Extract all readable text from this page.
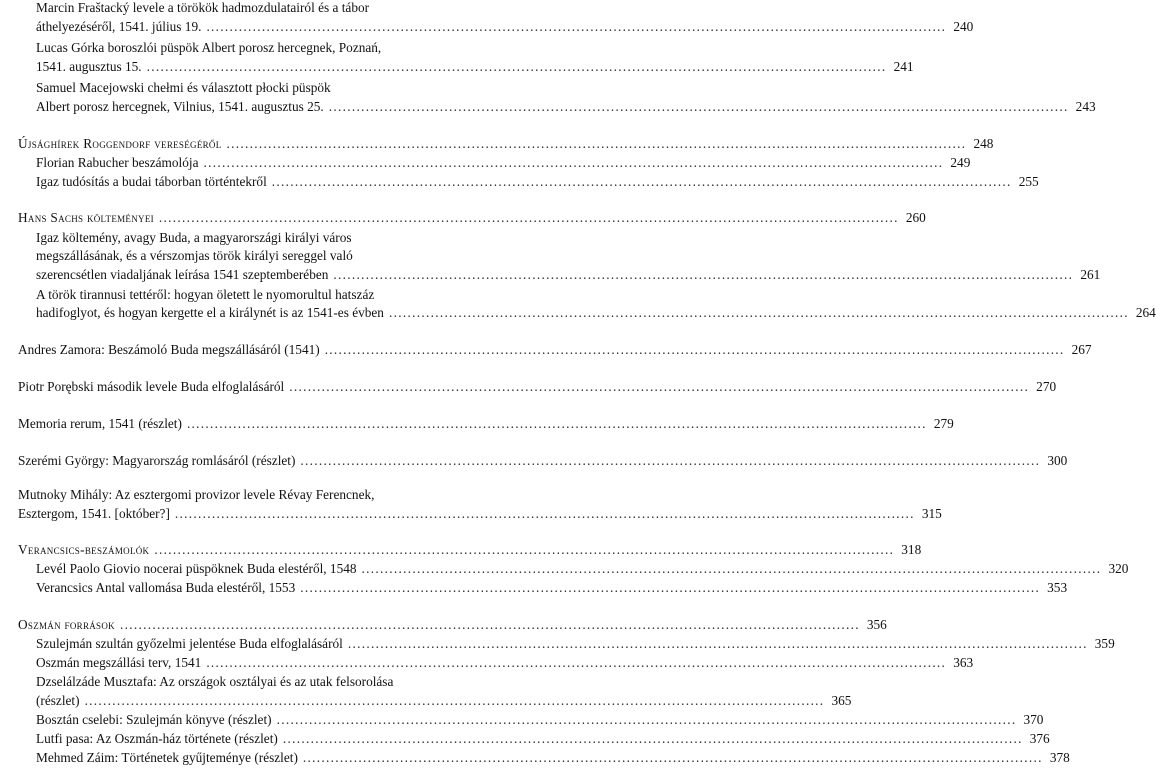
Marcin Fraštacký levele a törökök hadmozdulatairól és a tábor
áthelyezéséről, 1541. július 19. ................................................................................................................................................................ 240
Lucas Górka boroszlói püspök Albert porosz hercegnek, Poznań,
1541. augusztus 15. ................................................................................................................................................................ 241
Samuel Macejowski chełmi és választott płocki püspök
Albert porosz hercegnek, Vilnius, 1541. augusztus 25. ................................................................................................................................................................ 243
Újsághírek Roggendorf vereségéről ................................................................................................................................................................ 248
Florian Rabucher beszámolója ................................................................................................................................................................ 249
Igaz tudósítás a budai táborban történtekről ................................................................................................................................................................ 255
Hans Sachs költeményei ................................................................................................................................................................ 260
Igaz költemény, avagy Buda, a magyarországi királyi város
megszállásának, és a vérszomjas török királyi sereggel való
szerencsétlen viadaljának leírása 1541 szeptemberében ................................................................................................................................................................ 261
A török tirannusi tettéről: hogyan öletett le nyomorultul hatszáz
hadifoglyot, és hogyan kergette el a királynét is az 1541-es évben ................................................................................................................................................................ 264
Andres Zamora: Beszámoló Buda megszállásáról (1541) ................................................................................................................................................................ 267
Piotr Porębski második levele Buda elfoglalásáról ................................................................................................................................................................ 270
Memoria rerum, 1541 (részlet) ................................................................................................................................................................ 279
Szerémi György: Magyarország romlásáról (részlet) ................................................................................................................................................................ 300
Mutnoky Mihály: Az esztergomi provizor levele Révay Ferencnek,
Esztergom, 1541. [október?] ................................................................................................................................................................ 315
Verancsics-beszámolók ................................................................................................................................................................ 318
Levél Paolo Giovio nocerai püspöknek Buda elestéről, 1548 ................................................................................................................................................................ 320
Verancsics Antal vallomása Buda elestéről, 1553 ................................................................................................................................................................ 353
Oszmán források ................................................................................................................................................................ 356
Szulejmán szultán győzelmi jelentése Buda elfoglalásáról ................................................................................................................................................................ 359
Oszmán megszállási terv, 1541 ................................................................................................................................................................ 363
Dzselálzáde Musztafa: Az országok osztályai és az utak felsorolása
(részlet) ................................................................................................................................................................ 365
Bosztán cselebi: Szulejmán könyve (részlet) ................................................................................................................................................................ 370
Lutfi pasa: Az Oszmán-ház története (részlet) ................................................................................................................................................................ 376
Mehmed Záim: Történetek gyűjteménye (részlet) ................................................................................................................................................................ 378
